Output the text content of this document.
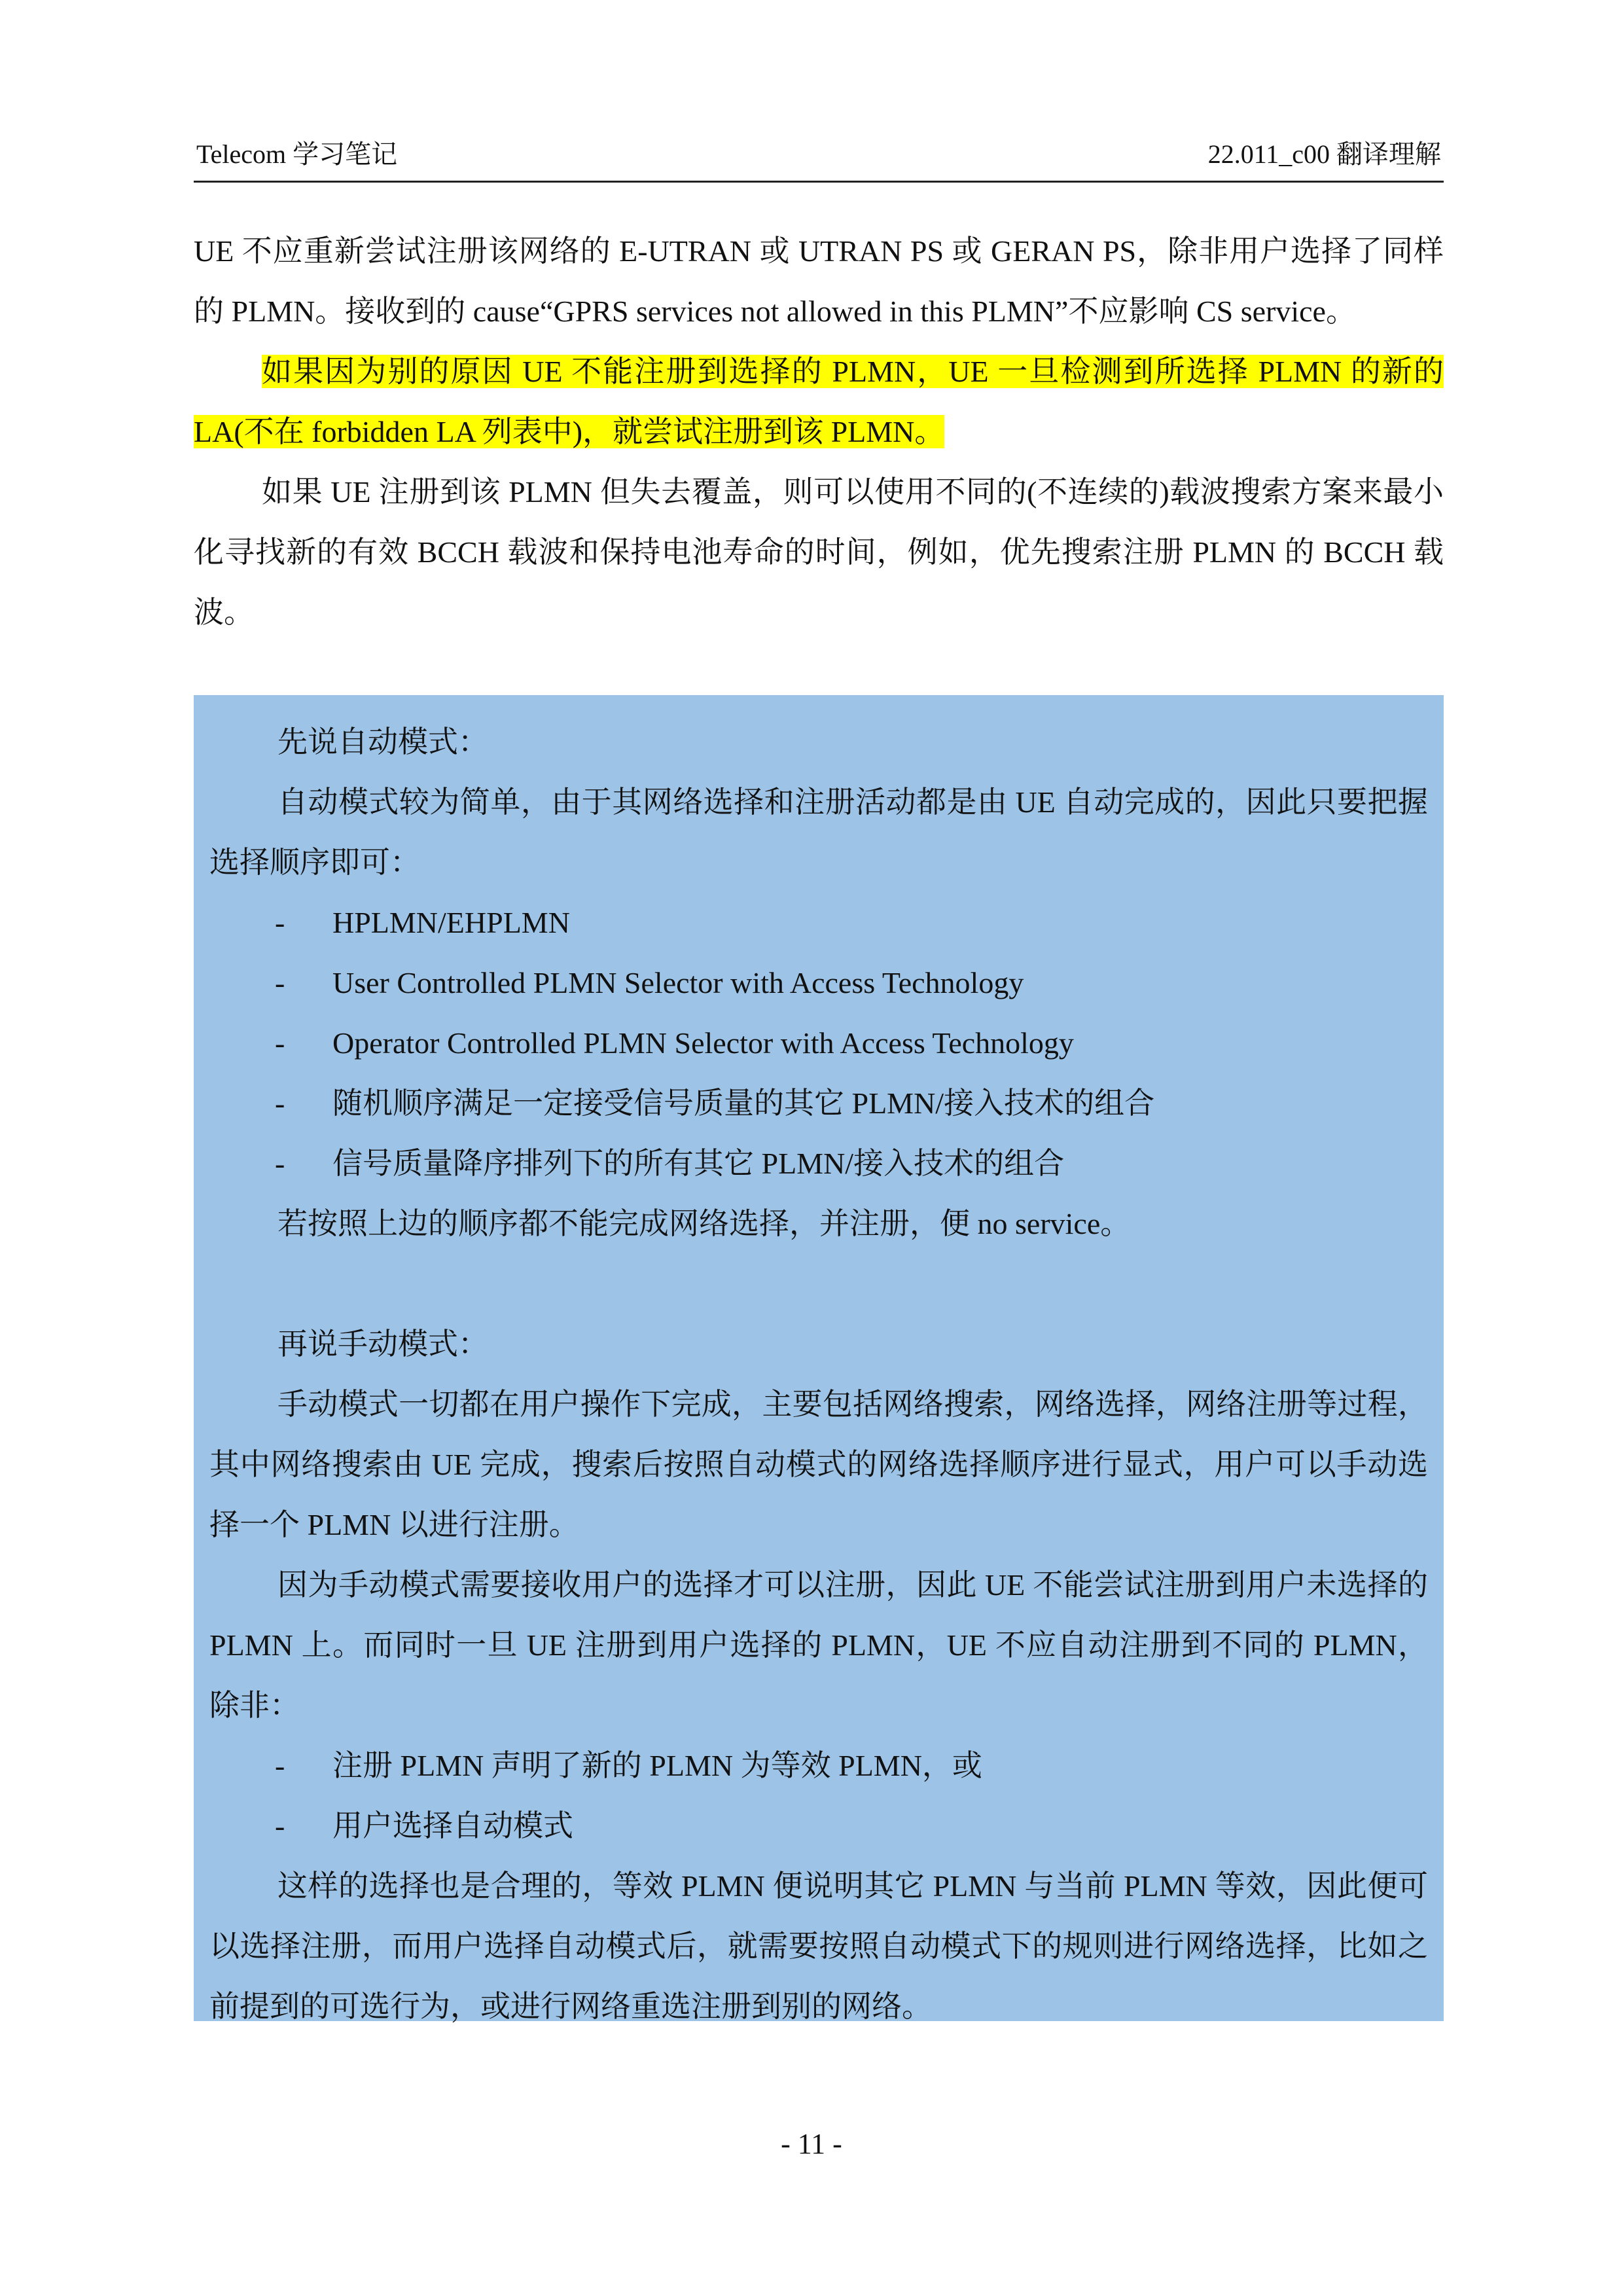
Telecom 学习笔记	22.011_c00 翻译理解

UE 不应重新尝试注册该网络的 E-UTRAN 或 UTRAN PS 或 GERAN PS，除非用户选择了同样的 PLMN。接收到的 cause“GPRS services not allowed in this PLMN”不应影响 CS service。

如果因为别的原因 UE 不能注册到选择的 PLMN，UE 一旦检测到所选择 PLMN 的新的 LA(不在 forbidden LA 列表中)，就尝试注册到该 PLMN。

如果 UE 注册到该 PLMN 但失去覆盖，则可以使用不同的(不连续的)载波搜索方案来最小化寻找新的有效 BCCH 载波和保持电池寿命的时间，例如，优先搜索注册 PLMN 的 BCCH 载波。

先说自动模式：

自动模式较为简单，由于其网络选择和注册活动都是由 UE 自动完成的，因此只要把握选择顺序即可：

-	HPLMN/EHPLMN
-	User Controlled PLMN Selector with Access Technology
-	Operator Controlled PLMN Selector with Access Technology
-	随机顺序满足一定接受信号质量的其它 PLMN/接入技术的组合
-	信号质量降序排列下的所有其它 PLMN/接入技术的组合

若按照上边的顺序都不能完成网络选择，并注册，便 no service。

再说手动模式：

手动模式一切都在用户操作下完成，主要包括网络搜索，网络选择，网络注册等过程，其中网络搜索由 UE 完成，搜索后按照自动模式的网络选择顺序进行显式，用户可以手动选择一个 PLMN 以进行注册。

因为手动模式需要接收用户的选择才可以注册，因此 UE 不能尝试注册到用户未选择的 PLMN 上。而同时一旦 UE 注册到用户选择的 PLMN，UE 不应自动注册到不同的 PLMN，除非：

-	注册 PLMN 声明了新的 PLMN 为等效 PLMN，或
-	用户选择自动模式

这样的选择也是合理的，等效 PLMN 便说明其它 PLMN 与当前 PLMN 等效，因此便可以选择注册，而用户选择自动模式后，就需要按照自动模式下的规则进行网络选择，比如之前提到的可选行为，或进行网络重选注册到别的网络。

- 11 -
